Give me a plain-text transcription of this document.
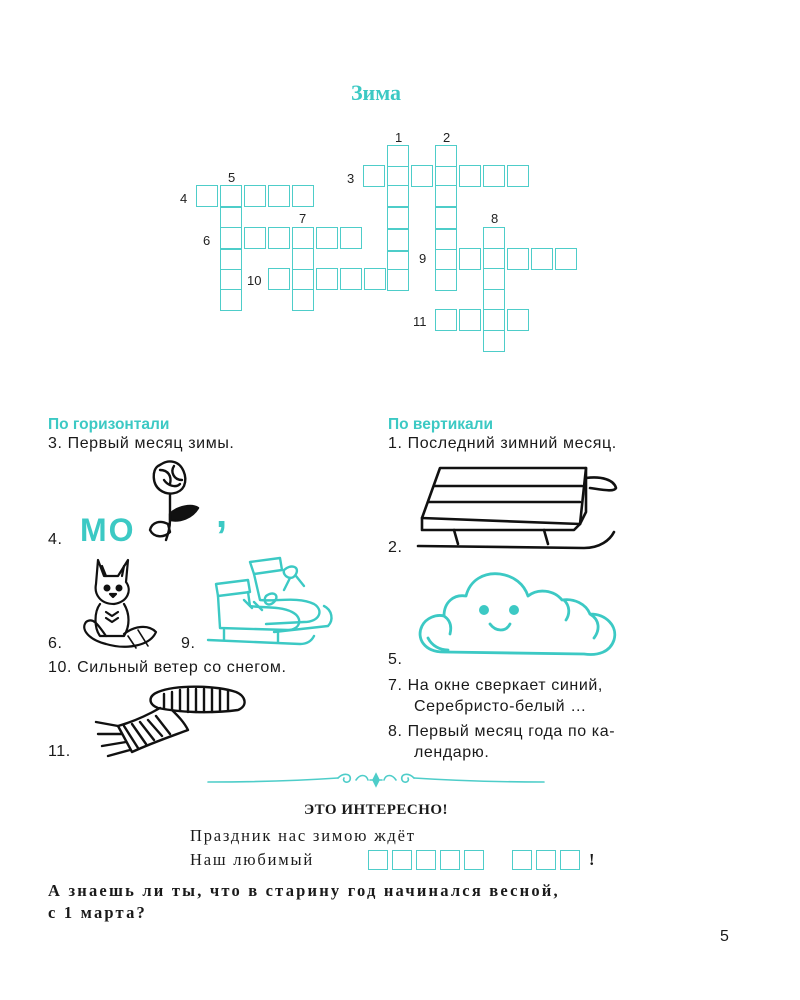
Зима
1	2
3
4
5
6
7	8
9
10
11
По горизонтали
3. Первый месяц зимы.
4. МО ,
6.	9.
10. Сильный ветер со снегом.
11.
По вертикали
1. Последний зимний месяц.
2.
5.
7. На окне сверкает синий,
Серебристо-белый …
8. Первый месяц года по ка-
лендарю.
ЭТО ИНТЕРЕСНО!
Праздник нас зимою ждёт
Наш любимый	!
А знаешь ли ты, что в старину год начинался весной,
с 1 марта?
5
